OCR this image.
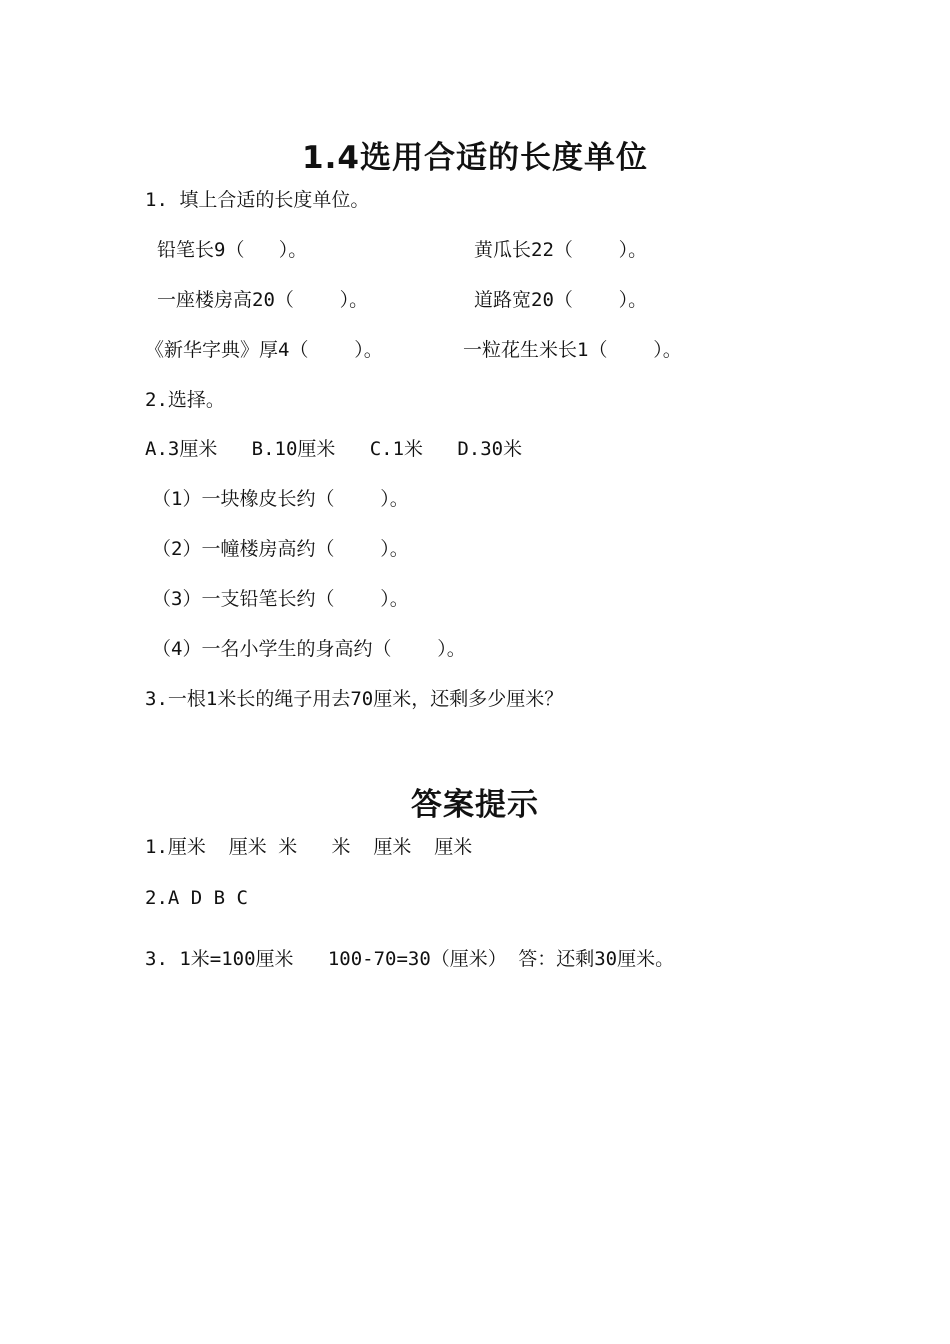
1.4选用合适的长度单位

1. 填上合适的长度单位。

铅笔长9（   ）。	黄瓜长22（    ）。
一座楼房高20（    ）。	道路宽20（    ）。
《新华字典》厚4（    ）。	一粒花生米长1（    ）。

2.选择。

A.3厘米   B.10厘米   C.1米   D.30米

（1）一块橡皮长约（    ）。

（2）一幢楼房高约（    ）。

（3）一支铅笔长约（    ）。

（4）一名小学生的身高约（    ）。

3.一根1米长的绳子用去70厘米，还剩多少厘米？

答案提示

1.厘米  厘米 米   米  厘米  厘米

2.A D B C

3. 1米=100厘米   100-70=30（厘米） 答：还剩30厘米。
